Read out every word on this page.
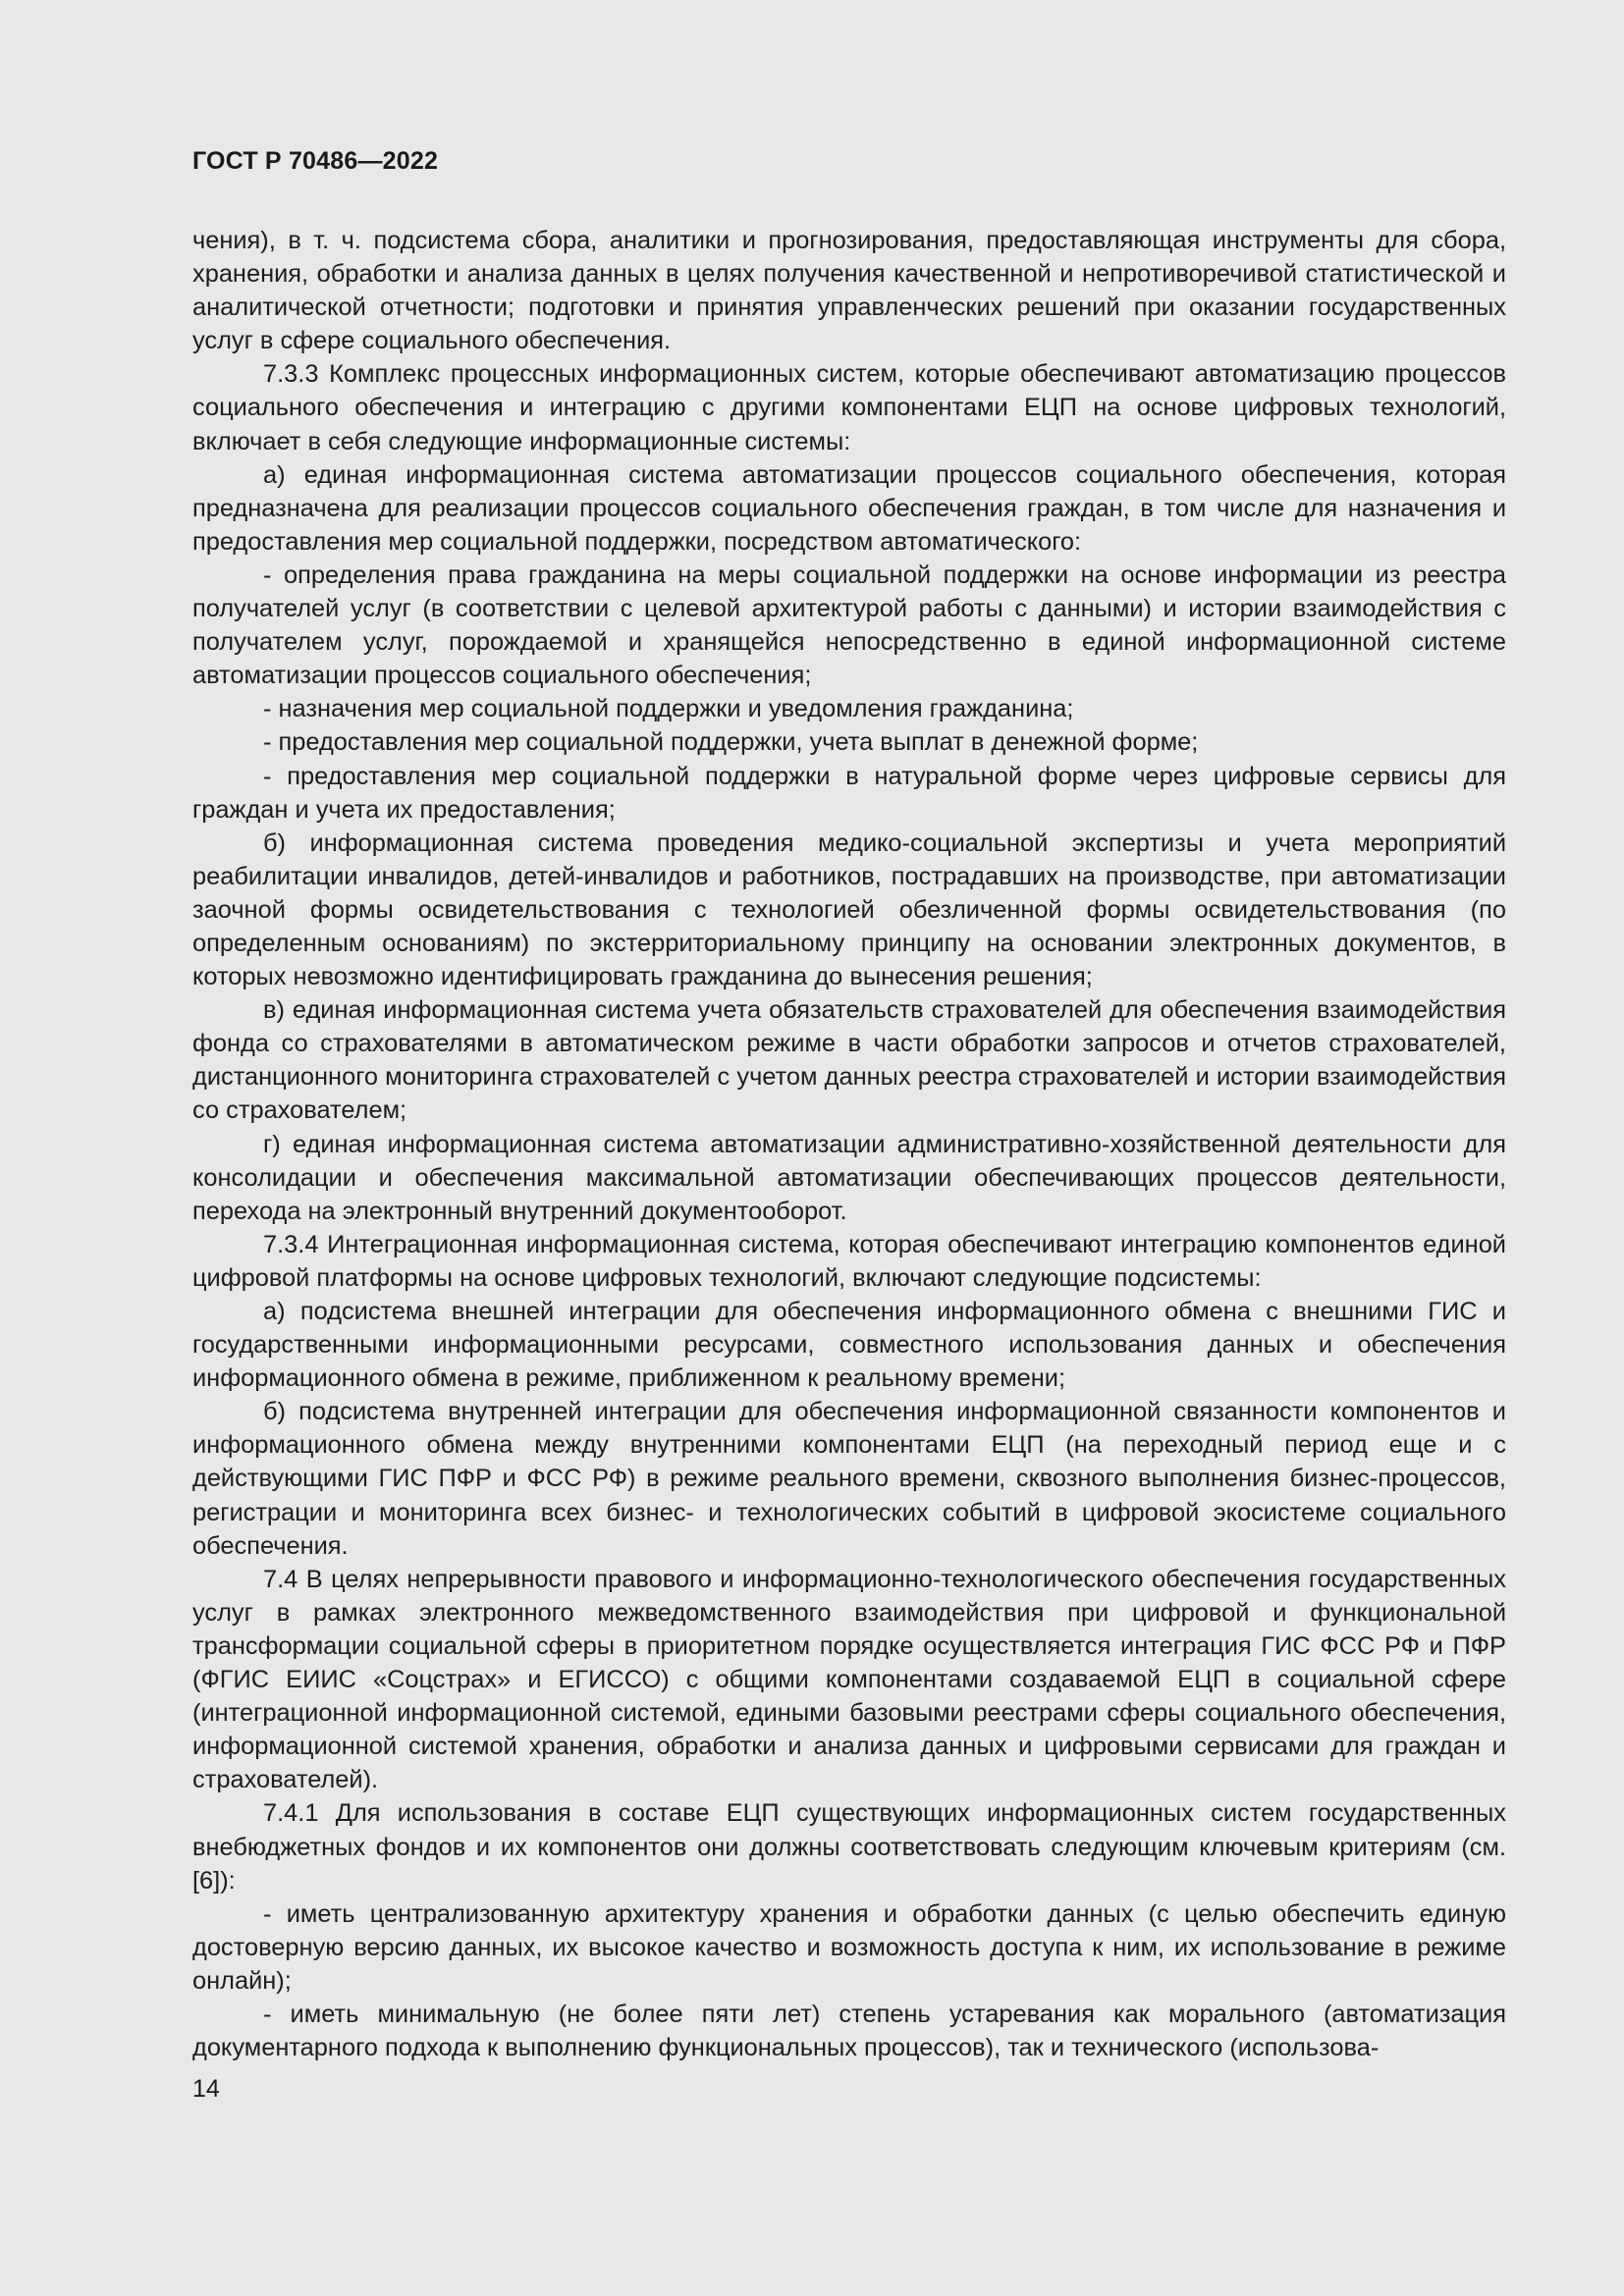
ГОСТ Р 70486—2022

чения), в т. ч. подсистема сбора, аналитики и прогнозирования, предоставляющая инструменты для сбора, хранения, обработки и анализа данных в целях получения качественной и непротиворечивой статистической и аналитической отчетности; подготовки и принятия управленческих решений при оказании государственных услуг в сфере социального обеспечения.

7.3.3 Комплекс процессных информационных систем, которые обеспечивают автоматизацию процессов социального обеспечения и интеграцию с другими компонентами ЕЦП на основе цифровых технологий, включает в себя следующие информационные системы:

а) единая информационная система автоматизации процессов социального обеспечения, которая предназначена для реализации процессов социального обеспечения граждан, в том числе для назначения и предоставления мер социальной поддержки, посредством автоматического:

- определения права гражданина на меры социальной поддержки на основе информации из реестра получателей услуг (в соответствии с целевой архитектурой работы с данными) и истории взаимодействия с получателем услуг, порождаемой и хранящейся непосредственно в единой информационной системе автоматизации процессов социального обеспечения;

- назначения мер социальной поддержки и уведомления гражданина;

- предоставления мер социальной поддержки, учета выплат в денежной форме;

- предоставления мер социальной поддержки в натуральной форме через цифровые сервисы для граждан и учета их предоставления;

б) информационная система проведения медико-социальной экспертизы и учета мероприятий реабилитации инвалидов, детей-инвалидов и работников, пострадавших на производстве, при автоматизации заочной формы освидетельствования с технологией обезличенной формы освидетельствования (по определенным основаниям) по экстерриториальному принципу на основании электронных документов, в которых невозможно идентифицировать гражданина до вынесения решения;

в) единая информационная система учета обязательств страхователей для обеспечения взаимодействия фонда со страхователями в автоматическом режиме в части обработки запросов и отчетов страхователей, дистанционного мониторинга страхователей с учетом данных реестра страхователей и истории взаимодействия со страхователем;

г) единая информационная система автоматизации административно-хозяйственной деятельности для консолидации и обеспечения максимальной автоматизации обеспечивающих процессов деятельности, перехода на электронный внутренний документооборот.

7.3.4 Интеграционная информационная система, которая обеспечивают интеграцию компонентов единой цифровой платформы на основе цифровых технологий, включают следующие подсистемы:

а) подсистема внешней интеграции для обеспечения информационного обмена с внешними ГИС и государственными информационными ресурсами, совместного использования данных и обеспечения информационного обмена в режиме, приближенном к реальному времени;

б) подсистема внутренней интеграции для обеспечения информационной связанности компонентов и информационного обмена между внутренними компонентами ЕЦП (на переходный период еще и с действующими ГИС ПФР и ФСС РФ) в режиме реального времени, сквозного выполнения бизнес-процессов, регистрации и мониторинга всех бизнес- и технологических событий в цифровой экосистеме социального обеспечения.

7.4 В целях непрерывности правового и информационно-технологического обеспечения государственных услуг в рамках электронного межведомственного взаимодействия при цифровой и функциональной трансформации социальной сферы в приоритетном порядке осуществляется интеграция ГИС ФСС РФ и ПФР (ФГИС ЕИИС «Соцстрах» и ЕГИССО) с общими компонентами создаваемой ЕЦП в социальной сфере (интеграционной информационной системой, едиными базовыми реестрами сферы социального обеспечения, информационной системой хранения, обработки и анализа данных и цифровыми сервисами для граждан и страхователей).

7.4.1 Для использования в составе ЕЦП существующих информационных систем государственных внебюджетных фондов и их компонентов они должны соответствовать следующим ключевым критериям (см. [6]):

- иметь централизованную архитектуру хранения и обработки данных (с целью обеспечить единую достоверную версию данных, их высокое качество и возможность доступа к ним, их использование в режиме онлайн);

- иметь минимальную (не более пяти лет) степень устаревания как морального (автоматизация документарного подхода к выполнению функциональных процессов), так и технического (использова-

14
